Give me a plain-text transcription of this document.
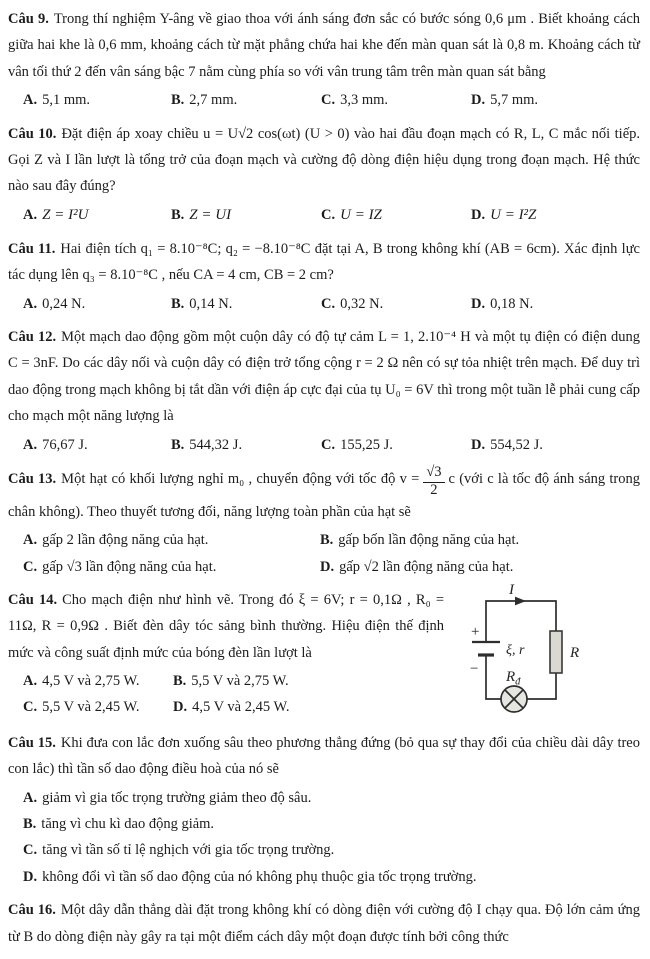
Câu 9. Trong thí nghiệm Y-âng về giao thoa với ánh sáng đơn sắc có bước sóng 0,6 μm . Biết khoảng cách giữa hai khe là 0,6 mm, khoảng cách từ mặt phẳng chứa hai khe đến màn quan sát là 0,8 m. Khoảng cách từ vân tối thứ 2 đến vân sáng bậc 7 nằm cùng phía so với vân trung tâm trên màn quan sát bằng

A. 5,1 mm.	B. 2,7 mm.	C. 3,3 mm.	D. 5,7 mm.

Câu 10. Đặt điện áp xoay chiều u = U√2 cos(ωt) (U > 0) vào hai đầu đoạn mạch có R, L, C mắc nối tiếp. Gọi Z và I lần lượt là tổng trở của đoạn mạch và cường độ dòng điện hiệu dụng trong đoạn mạch. Hệ thức nào sau đây đúng?

A. Z = I²U	B. Z = UI	C. U = IZ	D. U = I²Z

Câu 11. Hai điện tích q₁ = 8.10⁻⁸C; q₂ = −8.10⁻⁸C đặt tại A, B trong không khí (AB = 6cm). Xác định lực tác dụng lên q₃ = 8.10⁻⁸C , nếu CA = 4 cm, CB = 2 cm?

A. 0,24 N.	B. 0,14 N.	C. 0,32 N.	D. 0,18 N.

Câu 12. Một mạch dao động gồm một cuộn dây có độ tự cảm L = 1, 2.10⁻⁴ H và một tụ điện có điện dung C = 3nF. Do các dây nối và cuộn dây có điện trở tổng cộng r = 2 Ω nên có sự tỏa nhiệt trên mạch. Để duy trì dao động trong mạch không bị tắt dần với điện áp cực đại của tụ U₀ = 6V thì trong một tuần lễ phải cung cấp cho mạch một năng lượng là

A. 76,67 J.	B. 544,32 J.	C. 155,25 J.	D. 554,52 J.

Câu 13. Một hạt có khối lượng nghỉ m₀ , chuyển động với tốc độ $v = \frac{√3}{2}$ c (với c là tốc độ ánh sáng trong chân không). Theo thuyết tương đối, năng lượng toàn phần của hạt sẽ

A. gấp 2 lần động năng của hạt.	B. gấp bốn lần động năng của hạt.
C. gấp √3 lần động năng của hạt.	D. gấp √2 lần động năng của hạt.
I
+
−
ξ, r	R
$R_đ$

Câu 14. Cho mạch điện như hình vẽ. Trong đó ξ = 6V; r = 0,1Ω , R₀ = 11Ω, R = 0,9Ω . Biết đèn dây tóc sảng bình thường. Hiệu điện thế định mức và công suất định mức của bóng đèn lần lượt là

A. 4,5 V và 2,75 W.	B. 5,5 V và 2,75 W.
C. 5,5 V và 2,45 W.	D. 4,5 V và 2,45 W.

Câu 15. Khi đưa con lắc đơn xuống sâu theo phương thẳng đứng (bỏ qua sự thay đổi của chiều dài dây treo con lắc) thì tần số dao động điều hoà của nó sẽ

A. giảm vì gia tốc trọng trường giảm theo độ sâu.
B. tăng vì chu kì dao động giảm.
C. tăng vì tần số tỉ lệ nghịch với gia tốc trọng trường.
D. không đổi vì tần số dao động của nó không phụ thuộc gia tốc trọng trường.

Câu 16. Một dây dẫn thẳng dài đặt trong không khí có dòng điện với cường độ I chạy qua. Độ lớn cảm ứng từ B do dòng điện này gây ra tại một điểm cách dây một đoạn được tính bởi công thức
